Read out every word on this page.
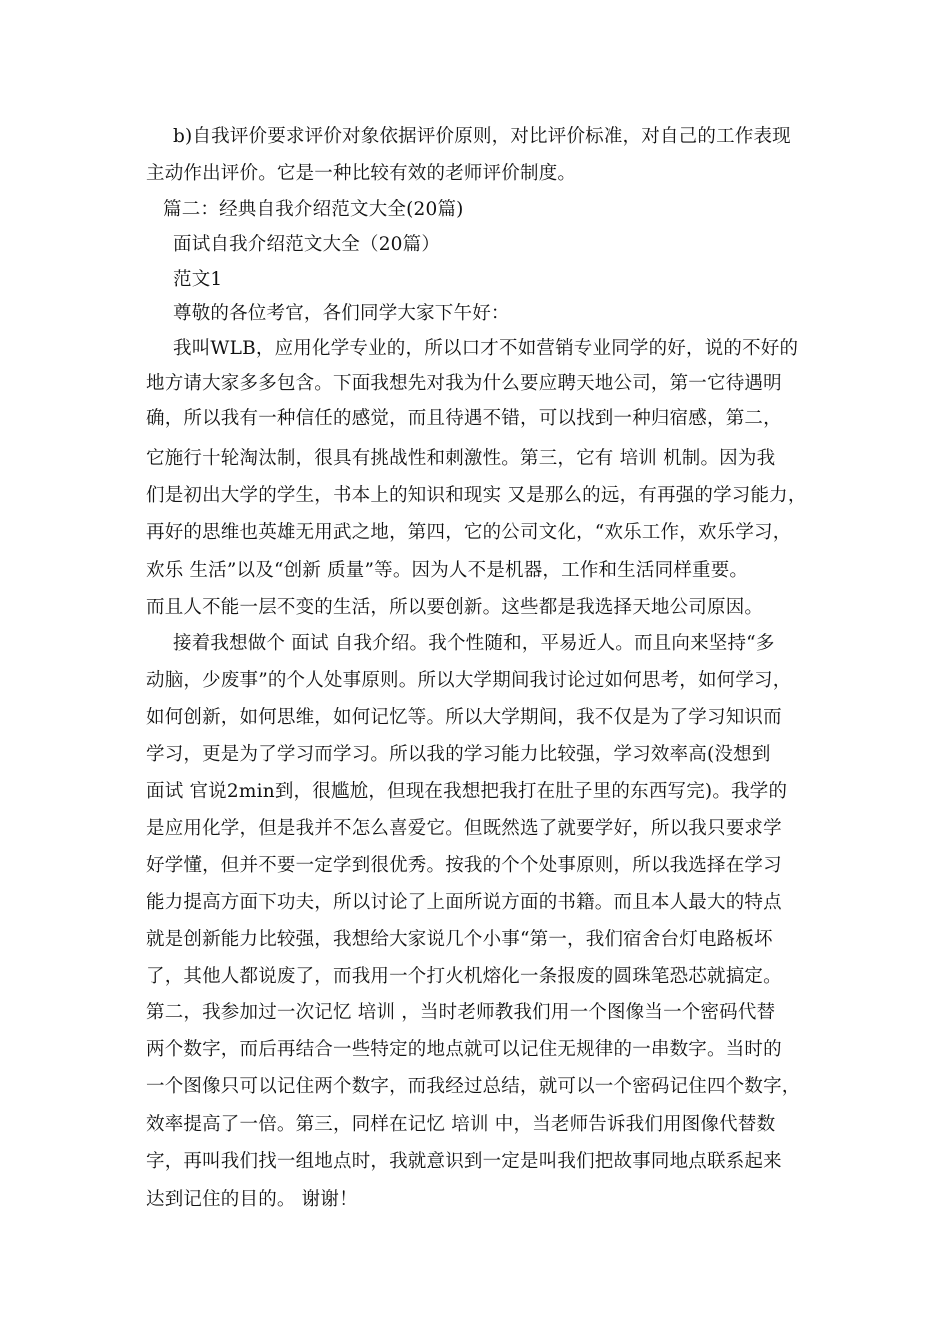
b)自我评价要求评价对象依据评价原则，对比评价标准，对自己的工作表现
主动作出评价。它是一种比较有效的老师评价制度。
篇二：经典自我介绍范文大全(20篇)
面试自我介绍范文大全（20篇）
范文1
尊敬的各位考官，各们同学大家下午好：
我叫WLB，应用化学专业的，所以口才不如营销专业同学的好，说的不好的
地方请大家多多包含。下面我想先对我为什么要应聘天地公司，第一它待遇明
确，所以我有一种信任的感觉，而且待遇不错，可以找到一种归宿感，第二，
它施行十轮淘汰制，很具有挑战性和刺激性。第三，它有 培训 机制。因为我
们是初出大学的学生，书本上的知识和现实 又是那么的远，有再强的学习能力，
再好的思维也英雄无用武之地，第四，它的公司文化，“欢乐工作，欢乐学习，
欢乐 生活”以及“创新 质量”等。因为人不是机器，工作和生活同样重要。
而且人不能一层不变的生活，所以要创新。这些都是我选择天地公司原因。
接着我想做个 面试 自我介绍。我个性随和，平易近人。而且向来坚持“多
动脑，少废事”的个人处事原则。所以大学期间我讨论过如何思考，如何学习，
如何创新，如何思维，如何记忆等。所以大学期间，我不仅是为了学习知识而
学习，更是为了学习而学习。所以我的学习能力比较强，学习效率高(没想到
面试 官说2min到，很尴尬，但现在我想把我打在肚子里的东西写完)。我学的
是应用化学，但是我并不怎么喜爱它。但既然选了就要学好，所以我只要求学
好学懂，但并不要一定学到很优秀。按我的个个处事原则，所以我选择在学习
能力提高方面下功夫，所以讨论了上面所说方面的书籍。而且本人最大的特点
就是创新能力比较强，我想给大家说几个小事“第一，我们宿舍台灯电路板坏
了，其他人都说废了，而我用一个打火机熔化一条报废的圆珠笔恐芯就搞定。
第二，我参加过一次记忆 培训 ，当时老师教我们用一个图像当一个密码代替
两个数字，而后再结合一些特定的地点就可以记住无规律的一串数字。当时的
一个图像只可以记住两个数字，而我经过总结，就可以一个密码记住四个数字，
效率提高了一倍。第三，同样在记忆 培训 中，当老师告诉我们用图像代替数
字，再叫我们找一组地点时，我就意识到一定是叫我们把故事同地点联系起来
达到记住的目的。 谢谢！
